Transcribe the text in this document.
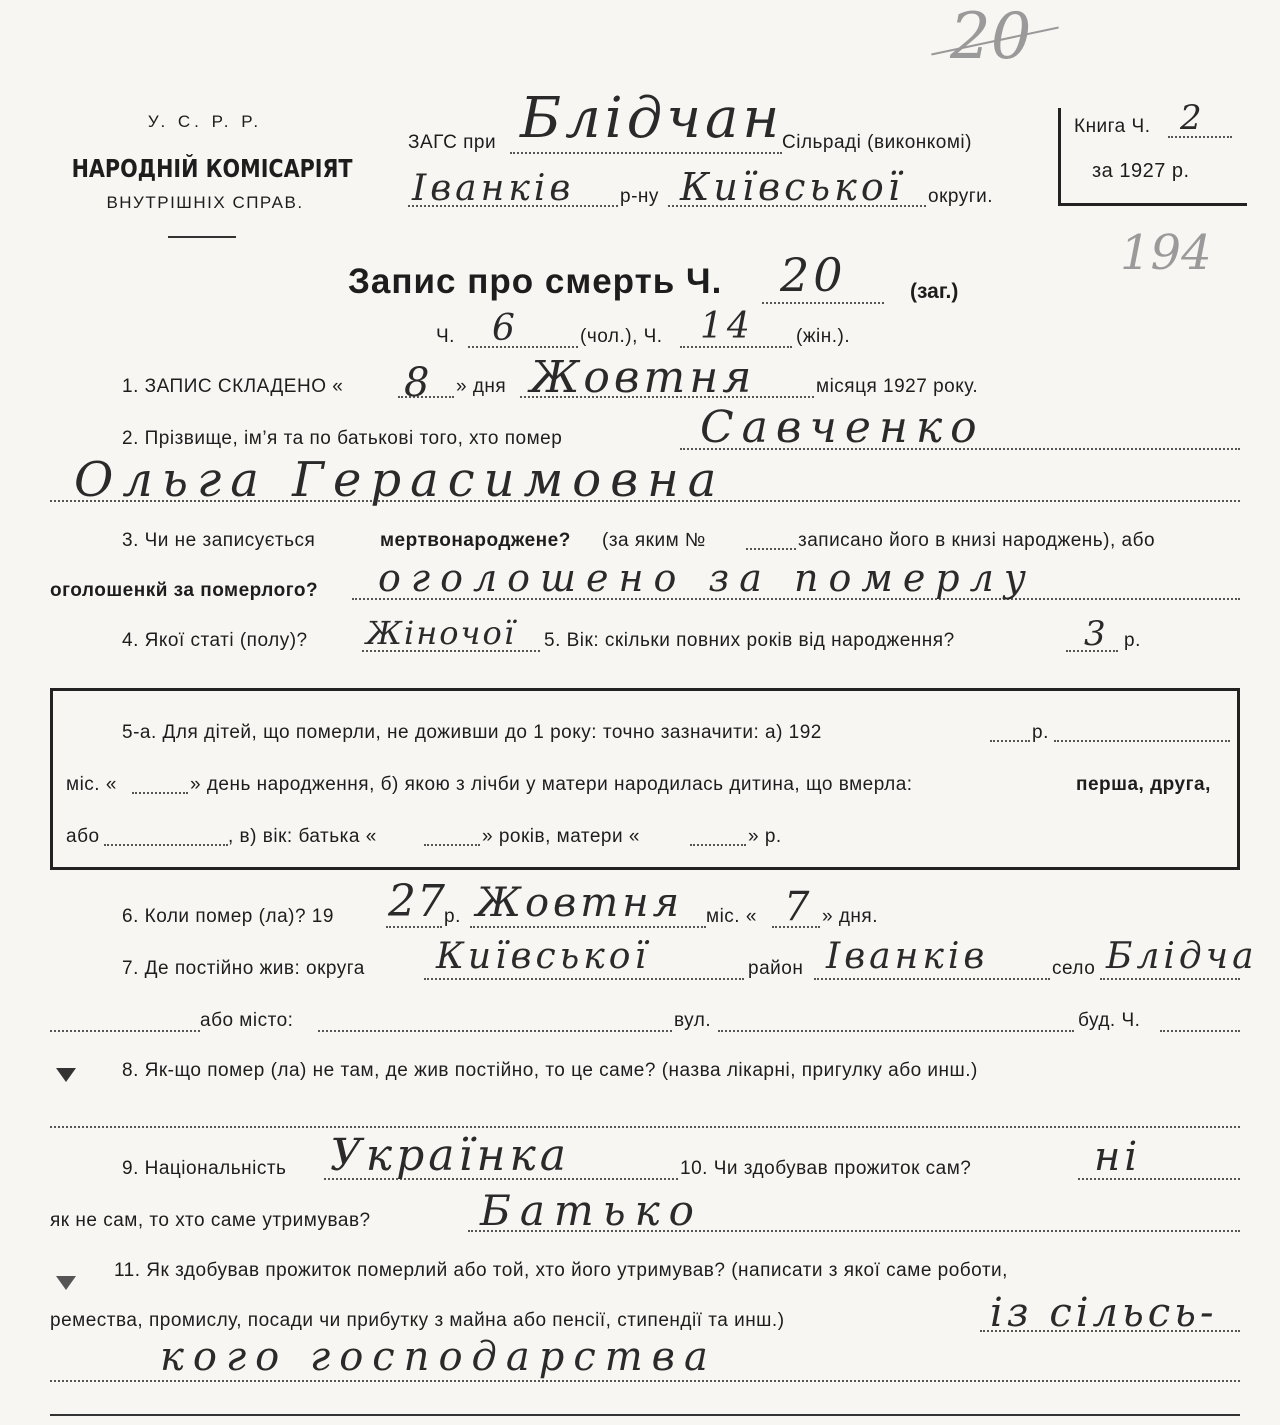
20
194
У. С. Р. Р.
НАРОДНІЙ КОМІСАРІЯТ
ВНУТРІШНІХ СПРАВ.
ЗАГС при Блідчан
Сільраді (виконкомі)
Іванків р-ну Київської округи.
Книга Ч. 2
за 1927 р.
Запис про смерть Ч. 20	(заг.)
Ч. 6	(чол.), Ч. 14 (жін.).
1. ЗАПИС СКЛАДЕНО « 8 » дня Жовтня	місяця 1927 року.
2. Прізвище, ім’я та по батькові того, хто помер	Савченко
Ольга Герасимовна
3. Чи не записується	мертвонароджене? (за яким №	записано його в книзі народжень), або
оголошенкй за померлого? оголошено за померлу
4. Якої статі (полу)? Жіночої 5. Вік: скільки повних років від народження?	3 р.
5-а. Для дітей, що померли, не доживши до 1 року: точно зазначити: а) 192	р.
міс. «	» день народження, б) якою з лічби у матери народилась дитина, що вмерла:	перша, друга,
або	, в) вік: батька «	» років, матери «	» р.
6. Коли помер (ла)? 19 27
р. Жовтня міс. « 7 » дня.
7. Де постійно жив: округа Київської	район Іванків	село Блідча
або місто:	вул.	буд. Ч.
8. Як-що помер (ла) не там, де жив постійно, то це саме? (назва лікарні, пригулку або инш.)
9. Національність Українка	10. Чи здобував прожиток сам?	ні
як не сам, то хто саме утримував?	Батько
11. Як здобував прожиток померлий або той, хто його утримував? (написати з якої саме роботи,
ремества, промислу, посади чи прибутку з майна або пенсії, стипендії та инш.)	із сільсь-
кого господарства
